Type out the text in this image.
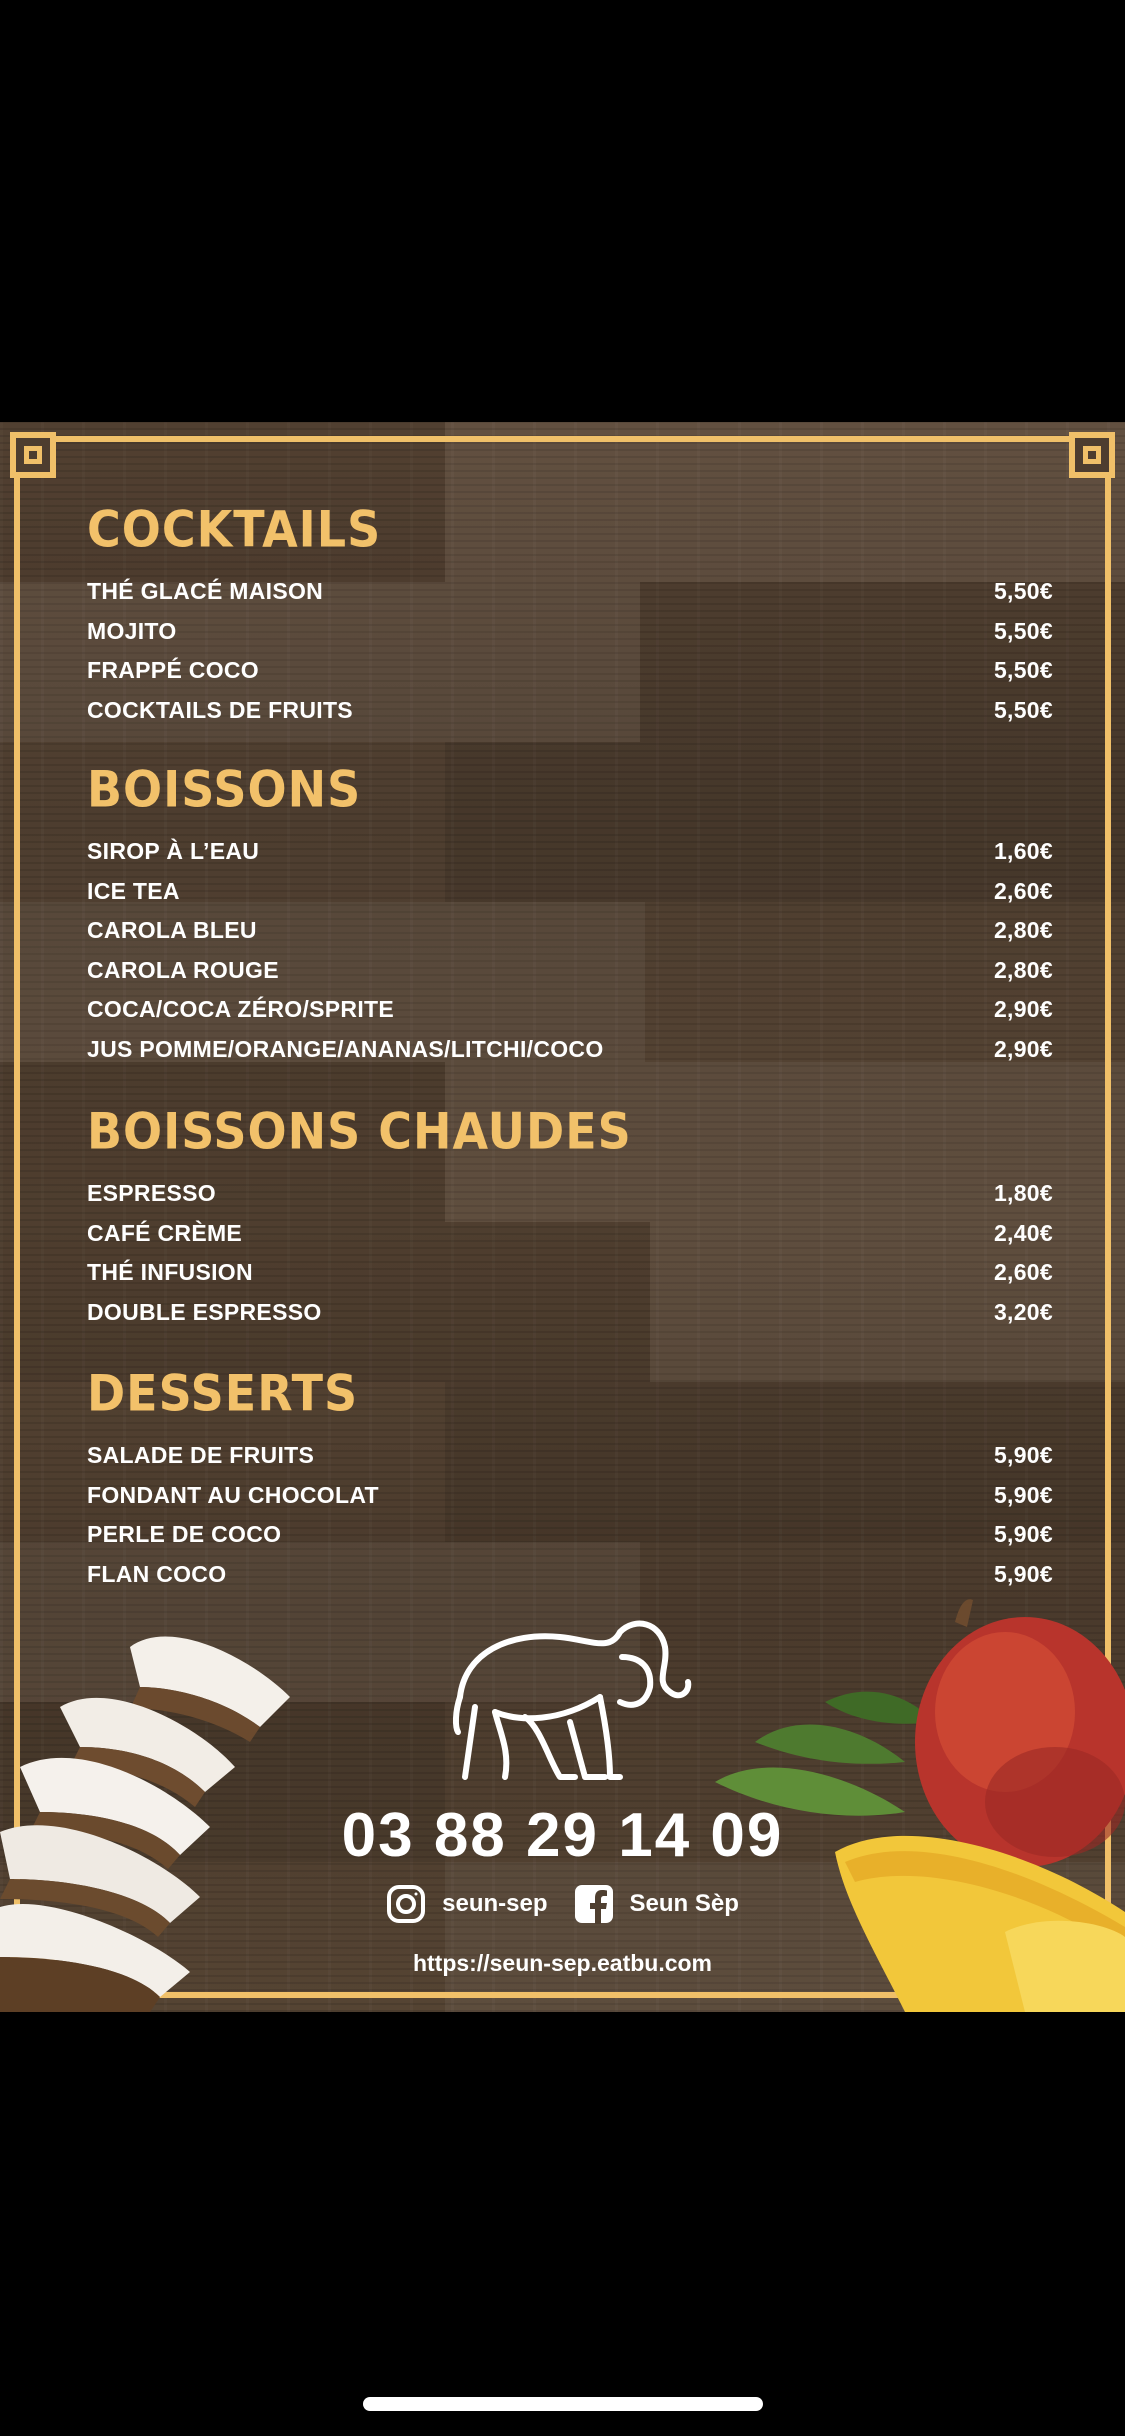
COCKTAILS
THÉ GLACÉ MAISON	5,50€
MOJITO	5,50€
FRAPPÉ COCO	5,50€
COCKTAILS DE FRUITS	5,50€
BOISSONS
SIROP À L’EAU	1,60€
ICE TEA	2,60€
CAROLA BLEU	2,80€
CAROLA ROUGE	2,80€
COCA/COCA ZÉRO/SPRITE	2,90€
JUS POMME/ORANGE/ANANAS/LITCHI/COCO	2,90€
BOISSONS CHAUDES
ESPRESSO	1,80€
CAFÉ CRÈME	2,40€
THÉ INFUSION	2,60€
DOUBLE ESPRESSO	3,20€
DESSERTS
SALADE DE FRUITS	5,90€
FONDANT AU CHOCOLAT	5,90€
PERLE DE COCO	5,90€
FLAN COCO	5,90€
03 88 29 14 09
seun-sep	Seun Sèp
https://seun-sep.eatbu.com
